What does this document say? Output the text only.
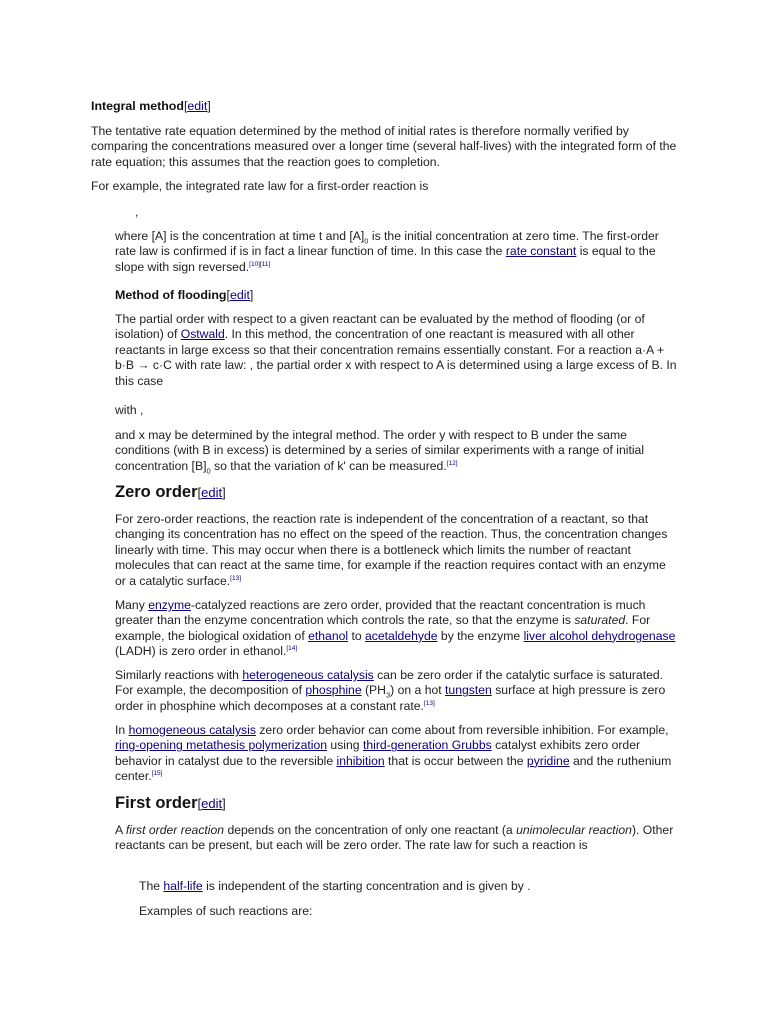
Integral method[edit]
The tentative rate equation determined by the method of initial rates is therefore normally verified by comparing the concentrations measured over a longer time (several half-lives) with the integrated form of the rate equation; this assumes that the reaction goes to completion.
For example, the integrated rate law for a first-order reaction is
,
where [A] is the concentration at time t and $[A]_0$ is the initial concentration at zero time. The first-order rate law is confirmed if is in fact a linear function of time. In this case the rate constant is equal to the slope with sign reversed.[10][11]
Method of flooding[edit]
The partial order with respect to a given reactant can be evaluated by the method of flooding (or of isolation) of Ostwald. In this method, the concentration of one reactant is measured with all other reactants in large excess so that their concentration remains essentially constant. For a reaction a·A + b·B → c·C with rate law: , the partial order x with respect to A is determined using a large excess of B. In this case
with ,
and x may be determined by the integral method. The order y with respect to B under the same conditions (with B in excess) is determined by a series of similar experiments with a range of initial concentration $[B]_0$ so that the variation of k' can be measured.[12]
Zero order[edit]
For zero-order reactions, the reaction rate is independent of the concentration of a reactant, so that changing its concentration has no effect on the speed of the reaction. Thus, the concentration changes linearly with time. This may occur when there is a bottleneck which limits the number of reactant molecules that can react at the same time, for example if the reaction requires contact with an enzyme or a catalytic surface.[13]
Many enzyme-catalyzed reactions are zero order, provided that the reactant concentration is much greater than the enzyme concentration which controls the rate, so that the enzyme is saturated. For example, the biological oxidation of ethanol to acetaldehyde by the enzyme liver alcohol dehydrogenase (LADH) is zero order in ethanol.[14]
Similarly reactions with heterogeneous catalysis can be zero order if the catalytic surface is saturated. For example, the decomposition of phosphine $(PH_3)$ on a hot tungsten surface at high pressure is zero order in phosphine which decomposes at a constant rate.[13]
In homogeneous catalysis zero order behavior can come about from reversible inhibition. For example, ring-opening metathesis polymerization using third-generation Grubbs catalyst exhibits zero order behavior in catalyst due to the reversible inhibition that is occur between the pyridine and the ruthenium center.[15]
First order[edit]
A first order reaction depends on the concentration of only one reactant (a unimolecular reaction). Other reactants can be present, but each will be zero order. The rate law for such a reaction is
The half-life is independent of the starting concentration and is given by .
Examples of such reactions are:
